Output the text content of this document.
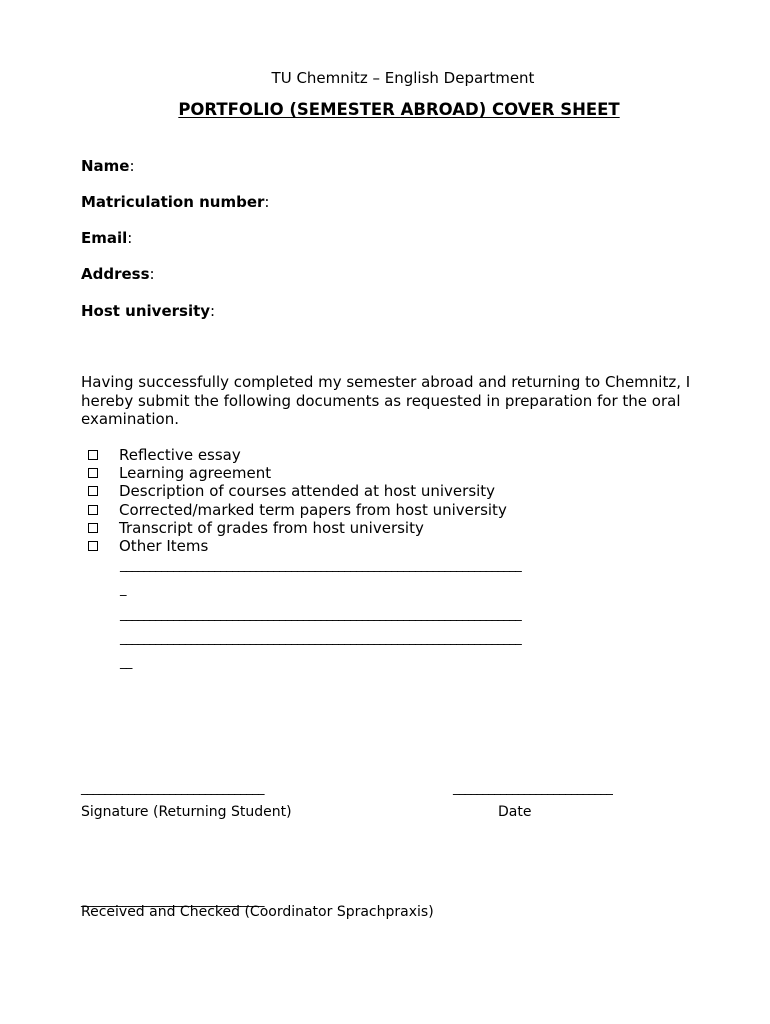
TU Chemnitz – English Department
PORTFOLIO (SEMESTER ABROAD) COVER SHEET
Name:
Matriculation number:
Email:
Address:
Host university:
Having successfully completed my semester abroad and returning to Chemnitz, I hereby submit the following documents as requested in preparation for the oral examination.
Reflective essay
Learning agreement
Description of courses attended at host university
Corrected/marked term papers from host university
Transcript of grades from host university
Other Items
____________________________________________________________________
_
____________________________________________________________________
____________________________________________________________________
__
_______________________________	___________________________
Signature (Returning Student)	Date
_______________________________
Received and Checked (Coordinator Sprachpraxis)
